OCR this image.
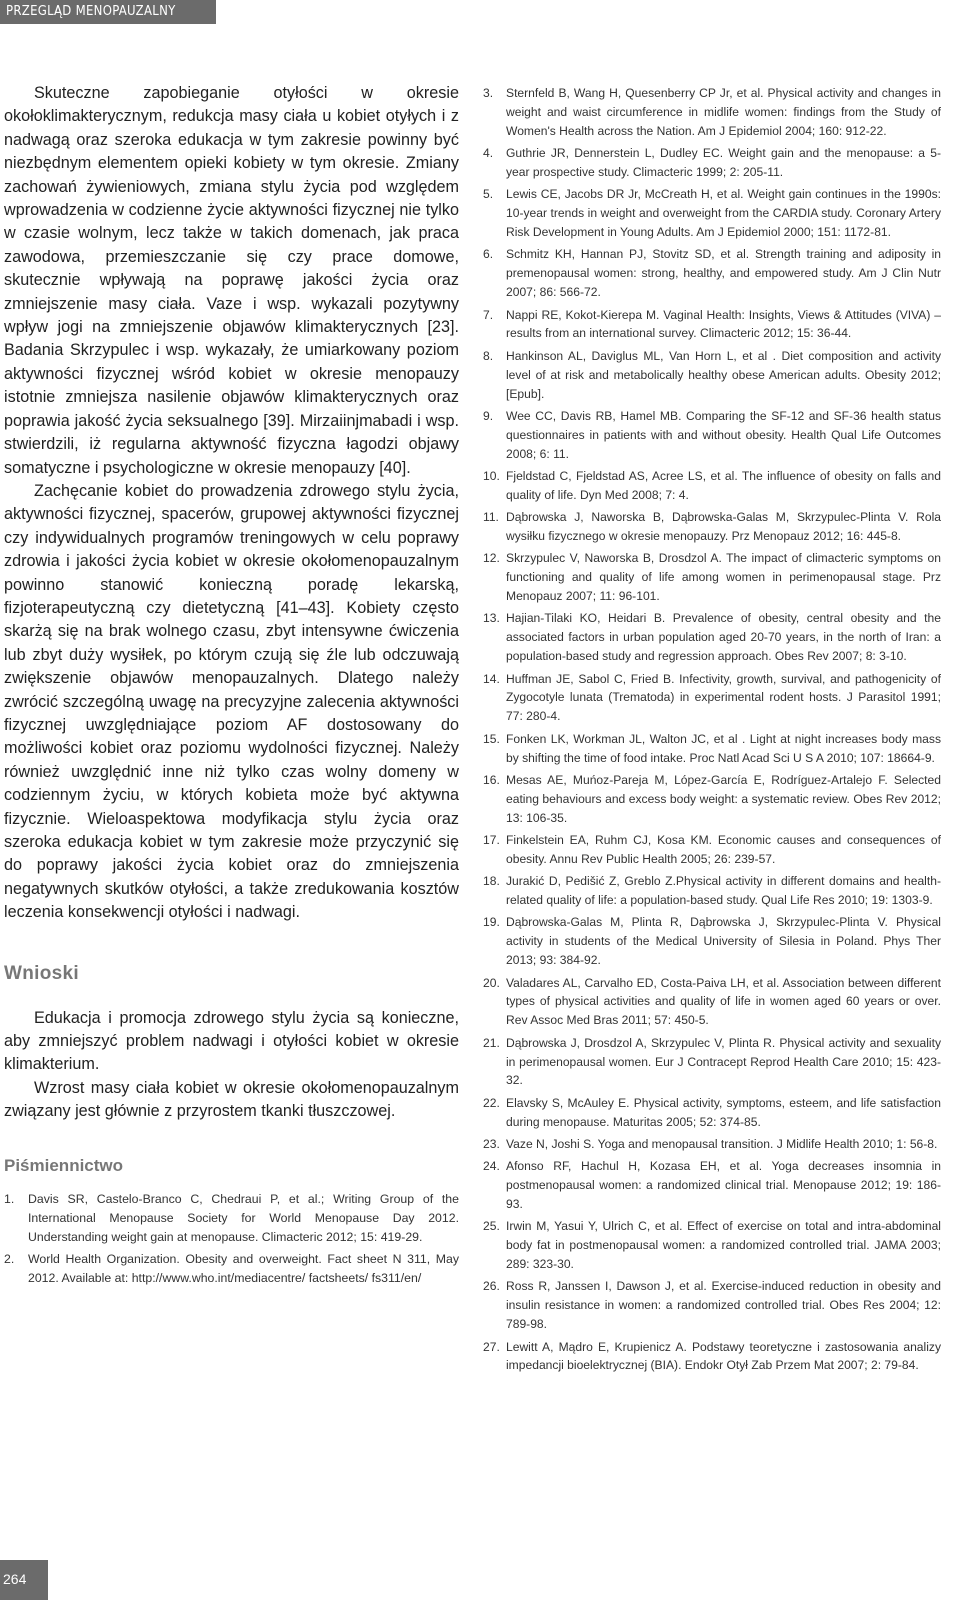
PRZEGLĄD MENOPAUZALNY 3/2013

Skuteczne zapobieganie otyłości w okresie okołoklimakterycznym, redukcja masy ciała u kobiet otyłych i z nadwagą oraz szeroka edukacja w tym zakresie powinny być niezbędnym elementem opieki kobiety w tym okresie. Zmiany zachowań żywieniowych, zmiana stylu życia pod względem wprowadzenia w codzienne życie aktywności fizycznej nie tylko w czasie wolnym, lecz także w takich domenach, jak praca zawodowa, przemieszczanie się czy prace domowe, skutecznie wpływają na poprawę jakości życia oraz zmniejszenie masy ciała. Vaze i wsp. wykazali pozytywny wpływ jogi na zmniejszenie objawów klimakterycznych [23]. Badania Skrzypulec i wsp. wykazały, że umiarkowany poziom aktywności fizycznej wśród kobiet w okresie menopauzy istotnie zmniejsza nasilenie objawów klimakterycznych oraz poprawia jakość życia seksualnego [39]. Mirzaiinjmabadi i wsp. stwierdzili, iż regularna aktywność fizyczna łagodzi objawy somatyczne i psychologiczne w okresie menopauzy [40].

Zachęcanie kobiet do prowadzenia zdrowego stylu życia, aktywności fizycznej, spacerów, grupowej aktywności fizycznej czy indywidualnych programów treningowych w celu poprawy zdrowia i jakości życia kobiet w okresie okołomenopauzalnym powinno stanowić konieczną poradę lekarską, fizjoterapeutyczną czy dietetyczną [41–43]. Kobiety często skarżą się na brak wolnego czasu, zbyt intensywne ćwiczenia lub zbyt duży wysiłek, po którym czują się źle lub odczuwają zwiększenie objawów menopauzalnych. Dlatego należy zwrócić szczególną uwagę na precyzyjne zalecenia aktywności fizycznej uwzględniające poziom AF dostosowany do możliwości kobiet oraz poziomu wydolności fizycznej. Należy również uwzględnić inne niż tylko czas wolny domeny w codziennym życiu, w których kobieta może być aktywna fizycznie. Wieloaspektowa modyfikacja stylu życia oraz szeroka edukacja kobiet w tym zakresie może przyczynić się do poprawy jakości życia kobiet oraz do zmniejszenia negatywnych skutków otyłości, a także zredukowania kosztów leczenia konsekwencji otyłości i nadwagi.

Wnioski

Edukacja i promocja zdrowego stylu życia są konieczne, aby zmniejszyć problem nadwagi i otyłości kobiet w okresie klimakterium.

Wzrost masy ciała kobiet w okresie okołomenopauzalnym związany jest głównie z przyrostem tkanki tłuszczowej.

Piśmiennictwo
1.	Davis SR, Castelo-Branco C, Chedraui P, et al.; Writing Group of the International Menopause Society for World Menopause Day 2012. Understanding weight gain at menopause. Climacteric 2012; 15: 419-29.
2.	World Health Organization. Obesity and overweight. Fact sheet N 311, May 2012. Available at: http://www.who.int/mediacentre/ factsheets/ fs311/en/
3.	Sternfeld B, Wang H, Quesenberry CP Jr, et al. Physical activity and changes in weight and waist circumference in midlife women: findings from the Study of Women's Health across the Nation. Am J Epidemiol 2004; 160: 912-22.
4.	Guthrie JR, Dennerstein L, Dudley EC. Weight gain and the menopause: a 5-year prospective study. Climacteric 1999; 2: 205-11.
5.	Lewis CE, Jacobs DR Jr, McCreath H, et al. Weight gain continues in the 1990s: 10-year trends in weight and overweight from the CARDIA study. Coronary Artery Risk Development in Young Adults. Am J Epidemiol 2000; 151: 1172-81.
6.	Schmitz KH, Hannan PJ, Stovitz SD, et al. Strength training and adiposity in premenopausal women: strong, healthy, and empowered study. Am J Clin Nutr 2007; 86: 566-72.
7.	Nappi RE, Kokot-Kierepa M. Vaginal Health: Insights, Views & Attitudes (VIVA) – results from an international survey. Climacteric 2012; 15: 36-44.
8.	Hankinson AL, Daviglus ML, Van Horn L, et al . Diet composition and activity level of at risk and metabolically healthy obese American adults. Obesity 2012; [Epub].
9.	Wee CC, Davis RB, Hamel MB. Comparing the SF-12 and SF-36 health status questionnaires in patients with and without obesity. Health Qual Life Outcomes 2008; 6: 11.
10. Fjeldstad C, Fjeldstad AS, Acree LS, et al. The influence of obesity on falls and quality of life. Dyn Med 2008; 7: 4.
11. Dąbrowska J, Naworska B, Dąbrowska-Galas M, Skrzypulec-Plinta V. Rola wysiłku fizycznego w okresie menopauzy. Prz Menopauz 2012; 16: 445-8.
12. Skrzypulec V, Naworska B, Drosdzol A. The impact of climacteric symptoms on functioning and quality of life among women in perimenopausal stage. Prz Menopauz 2007; 11: 96-101.
13. Hajian-Tilaki KO, Heidari B. Prevalence of obesity, central obesity and the associated factors in urban population aged 20-70 years, in the north of Iran: a population-based study and regression approach. Obes Rev 2007; 8: 3-10.
14. Huffman JE, Sabol C, Fried B. Infectivity, growth, survival, and pathogenicity of Zygocotyle lunata (Trematoda) in experimental rodent hosts. J Parasitol 1991; 77: 280-4.
15. Fonken LK, Workman JL, Walton JC, et al . Light at night increases body mass by shifting the time of food intake. Proc Natl Acad Sci U S A 2010; 107: 18664-9.
16. Mesas AE, Muńoz-Pareja M, López-García E, Rodríguez-Artalejo F. Selected eating behaviours and excess body weight: a systematic review. Obes Rev 2012; 13: 106-35.
17. Finkelstein EA, Ruhm CJ, Kosa KM. Economic causes and consequences of obesity. Annu Rev Public Health 2005; 26: 239-57.
18. Jurakić D, Pedišić Z, Greblo Z.Physical activity in different domains and health-related quality of life: a population-based study. Qual Life Res 2010; 19: 1303-9.
19. Dąbrowska-Galas M, Plinta R, Dąbrowska J, Skrzypulec-Plinta V. Physical activity in students of the Medical University of Silesia in Poland. Phys Ther 2013; 93: 384-92.
20. Valadares AL, Carvalho ED, Costa-Paiva LH, et al. Association between different types of physical activities and quality of life in women aged 60 years or over. Rev Assoc Med Bras 2011; 57: 450-5.
21. Dąbrowska J, Drosdzol A, Skrzypulec V, Plinta R. Physical activity and sexuality in perimenopausal women. Eur J Contracept Reprod Health Care 2010; 15: 423-32.
22. Elavsky S, McAuley E. Physical activity, symptoms, esteem, and life satisfaction during menopause. Maturitas 2005; 52: 374-85.
23. Vaze N, Joshi S. Yoga and menopausal transition. J Midlife Health 2010; 1: 56-8.
24. Afonso RF, Hachul H, Kozasa EH, et al. Yoga decreases insomnia in postmenopausal women: a randomized clinical trial. Menopause 2012; 19: 186-93.
25. Irwin M, Yasui Y, Ulrich C, et al. Effect of exercise on total and intra-abdominal body fat in postmenopausal women: a randomized controlled trial. JAMA 2003; 289: 323-30.
26. Ross R, Janssen I, Dawson J, et al. Exercise-induced reduction in obesity and insulin resistance in women: a randomized controlled trial. Obes Res 2004; 12: 789-98.
27. Lewitt A, Mądro E, Krupienicz A. Podstawy teoretyczne i zastosowania analizy impedancji bioelektrycznej (BIA). Endokr Otył Zab Przem Mat 2007; 2: 79-84.
264
